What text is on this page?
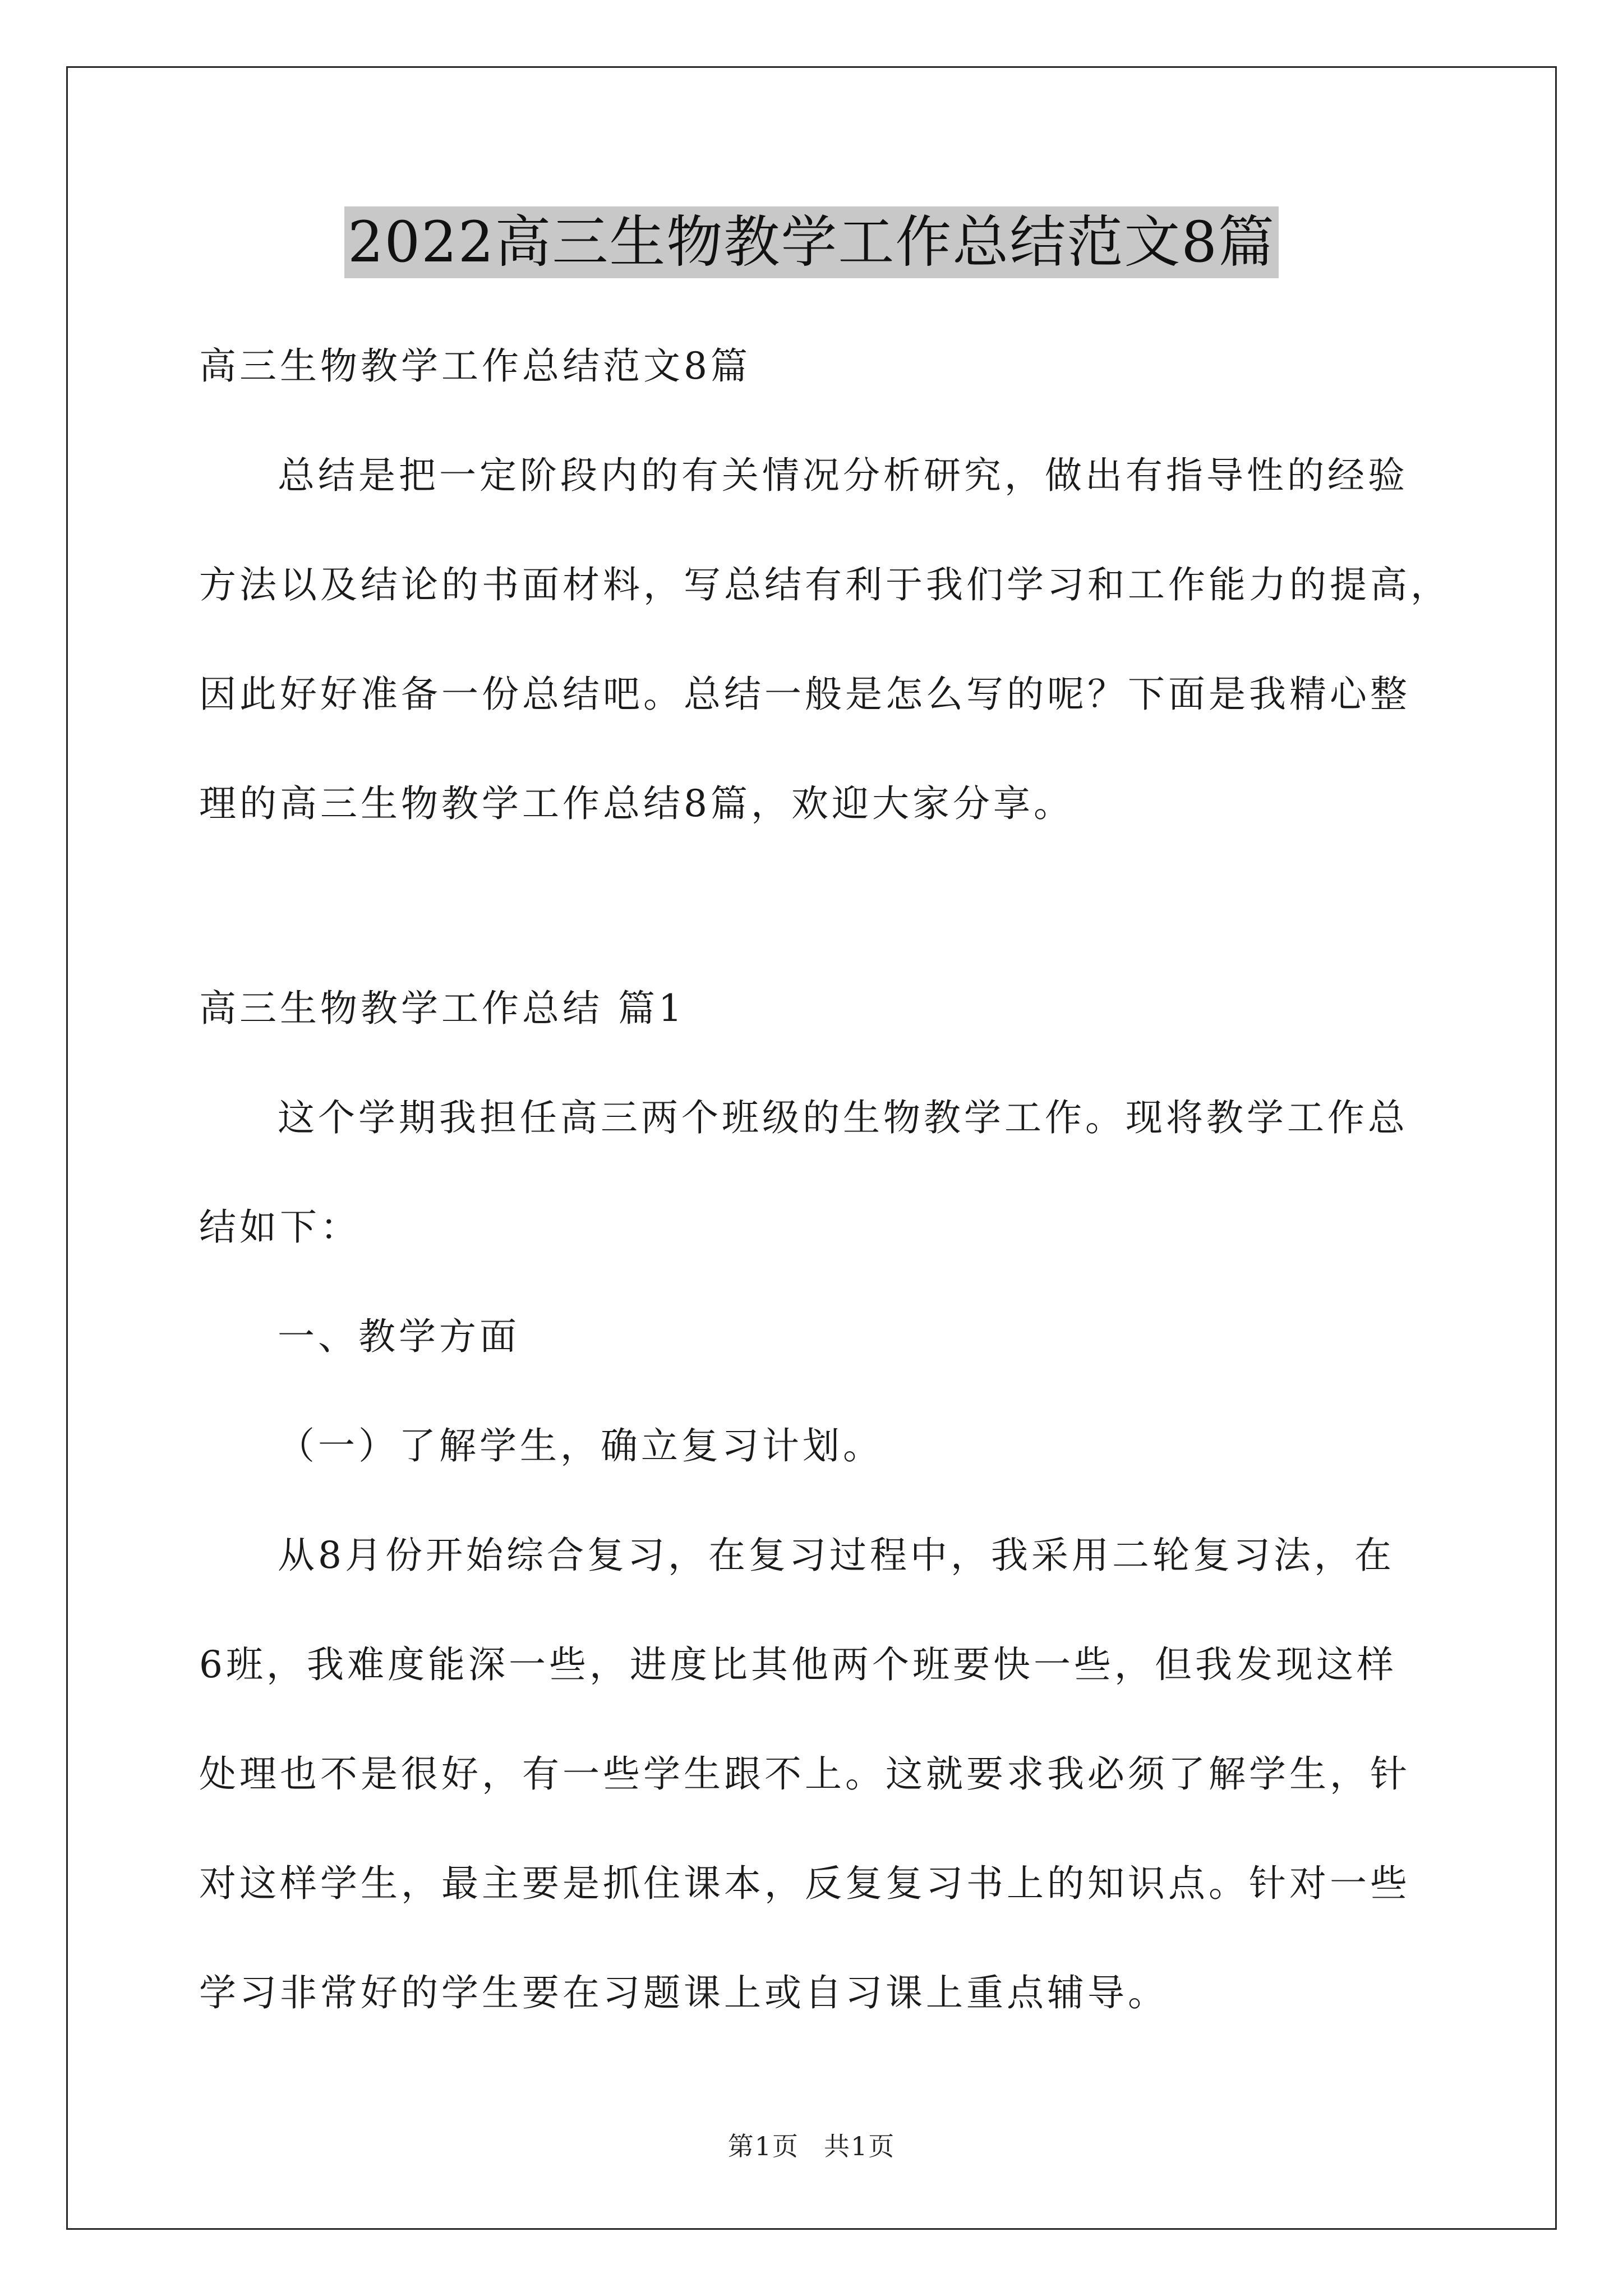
2022高三生物教学工作总结范文8篇
高三生物教学工作总结范文8篇
总结是把一定阶段内的有关情况分析研究，做出有指导性的经验
方法以及结论的书面材料，写总结有利于我们学习和工作能力的提高，
因此好好准备一份总结吧。总结一般是怎么写的呢？下面是我精心整
理的高三生物教学工作总结8篇，欢迎大家分享。
高三生物教学工作总结 篇1
这个学期我担任高三两个班级的生物教学工作。现将教学工作总
结如下：
一、教学方面
（一）了解学生，确立复习计划。
从8月份开始综合复习，在复习过程中，我采用二轮复习法，在
6班，我难度能深一些，进度比其他两个班要快一些，但我发现这样
处理也不是很好，有一些学生跟不上。这就要求我必须了解学生，针
对这样学生，最主要是抓住课本，反复复习书上的知识点。针对一些
学习非常好的学生要在习题课上或自习课上重点辅导。
第1页 共1页
